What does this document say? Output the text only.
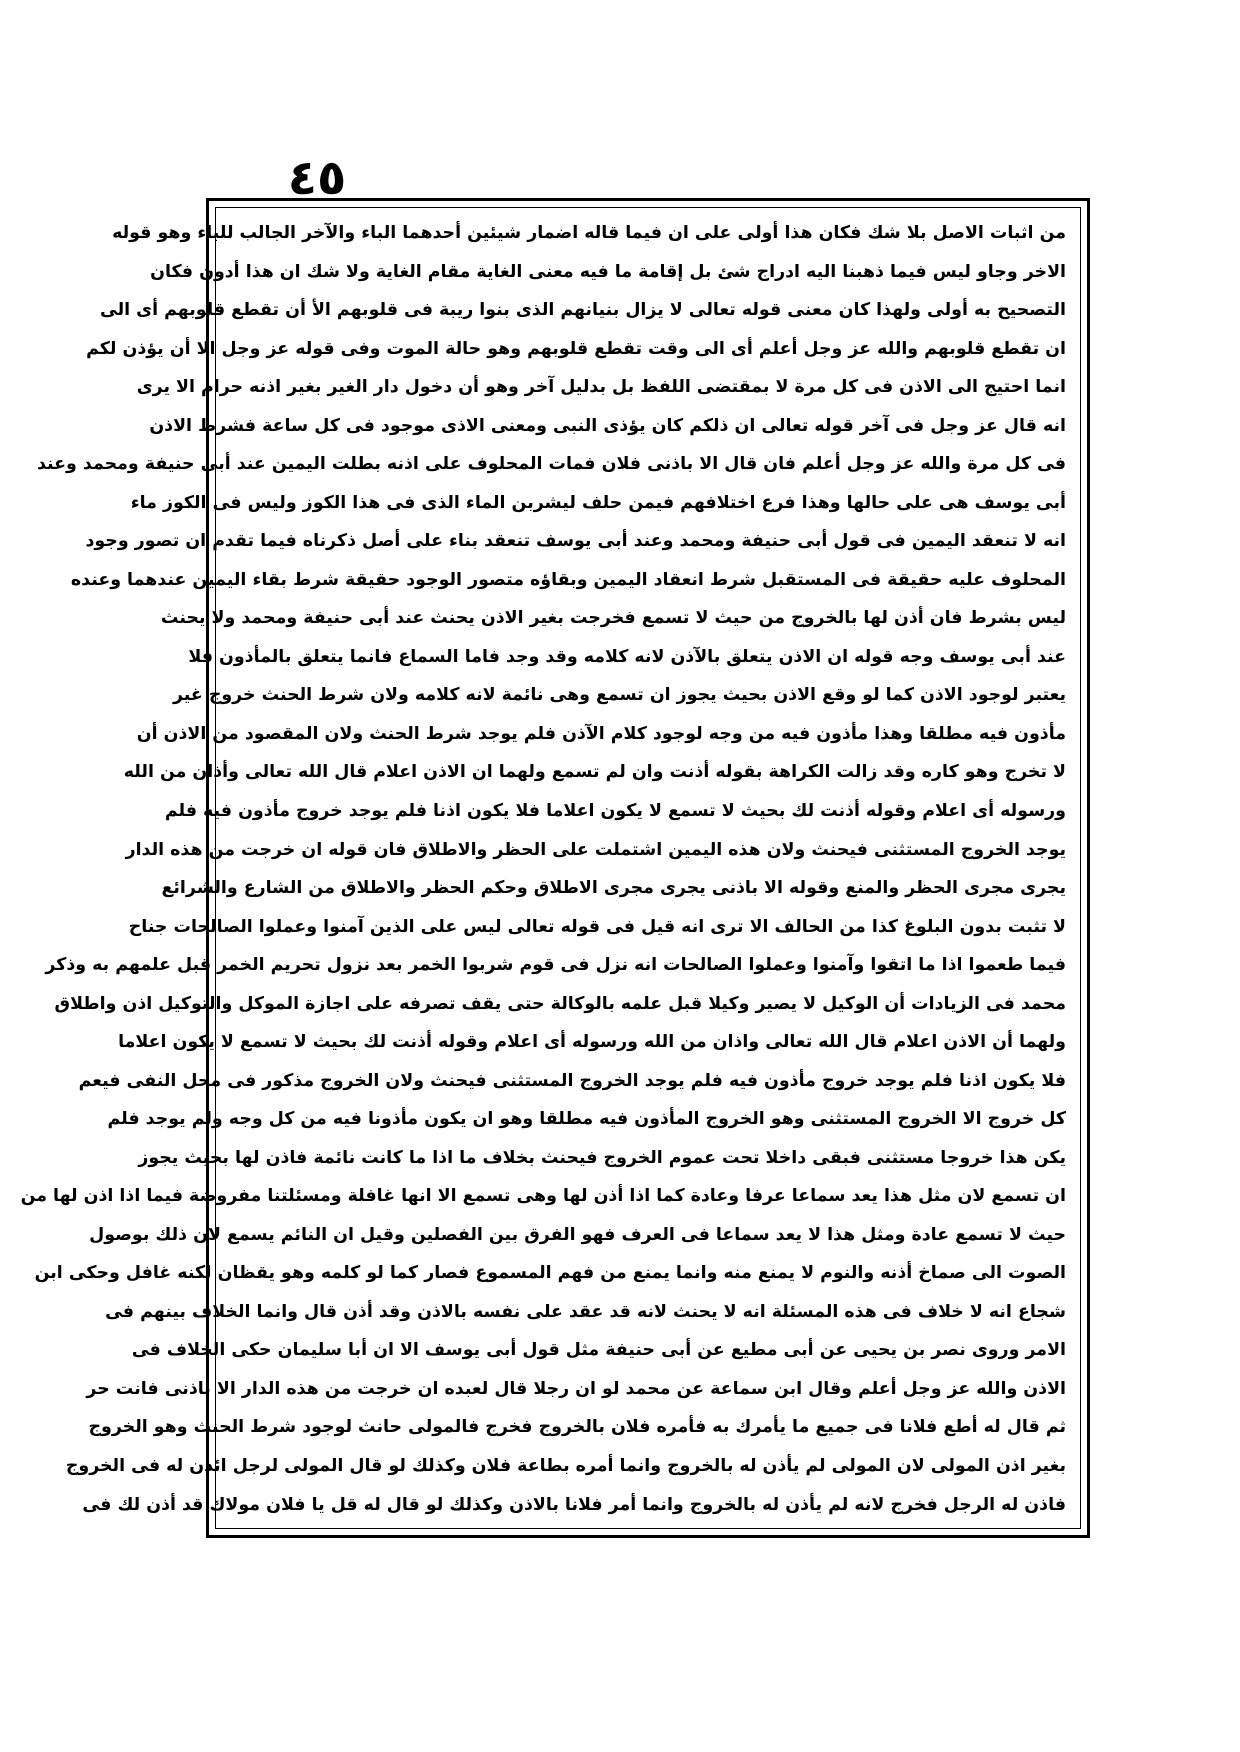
٤٥
من اثبات الاصل بلا شك فكان هذا أولى على ان فيما قاله اضمار شيئين أحدهما الباء والآخر الجالب للباء وهو قوله
الاخر وجاو ليس فيما ذهبنا اليه ادراج شئ بل إقامة ما فيه معنى الغاية مقام الغاية ولا شك ان هذا أدون فكان
التصحيح به أولى ولهذا كان معنى قوله تعالى لا يزال بنيانهم الذى بنوا ريبة فى قلوبهم الأ أن تقطع قلوبهم أى الى
ان تقطع قلوبهم والله عز وجل أعلم أى الى وقت تقطع قلوبهم وهو حالة الموت وفى قوله عز وجل الا أن يؤذن لكم
انما احتيج الى الاذن فى كل مرة لا بمقتضى اللفظ بل بدليل آخر وهو أن دخول دار الغير بغير اذنه حرام الا يرى
انه قال عز وجل فى آخر قوله تعالى ان ذلكم كان يؤذى النبى ومعنى الاذى موجود فى كل ساعة فشرط الاذن
فى كل مرة والله عز وجل أعلم فان قال الا باذنى فلان فمات المحلوف على اذنه بطلت اليمين عند أبى حنيفة ومحمد وعند
أبى يوسف هى على حالها وهذا فرع اختلافهم فيمن حلف ليشربن الماء الذى فى هذا الكوز وليس فى الكوز ماء
انه لا تنعقد اليمين فى قول أبى حنيفة ومحمد وعند أبى يوسف تنعقد بناء على أصل ذكرناه فيما تقدم ان تصور وجود
المحلوف عليه حقيقة فى المستقبل شرط انعقاد اليمين وبقاؤه متصور الوجود حقيقة شرط بقاء اليمين عندهما وعنده
ليس بشرط فان أذن لها بالخروج من حيث لا تسمع فخرجت بغير الاذن يحنث عند أبى حنيفة ومحمد ولا يحنث
عند أبى يوسف وجه قوله ان الاذن يتعلق بالآذن لانه كلامه وقد وجد فاما السماع فانما يتعلق بالمأذون فلا
يعتبر لوجود الاذن كما لو وقع الاذن بحيث يجوز ان تسمع وهى نائمة لانه كلامه ولان شرط الحنث خروج غير
مأذون فيه مطلقا وهذا مأذون فيه من وجه لوجود كلام الآذن فلم يوجد شرط الحنث ولان المقصود من الاذن أن
لا تخرج وهو كاره وقد زالت الكراهة بقوله أذنت وان لم تسمع ولهما ان الاذن اعلام قال الله تعالى وأذان من الله
ورسوله أى اعلام وقوله أذنت لك بحيث لا تسمع لا يكون اعلاما فلا يكون اذنا فلم يوجد خروج مأذون فيه فلم
يوجد الخروج المستثنى فيحنث ولان هذه اليمين اشتملت على الحظر والاطلاق فان قوله ان خرجت من هذه الدار
يجرى مجرى الحظر والمنع وقوله الا باذنى يجرى مجرى الاطلاق وحكم الحظر والاطلاق من الشارع والشرائع
لا تثبت بدون البلوغ كذا من الحالف الا ترى انه قيل فى قوله تعالى ليس على الذين آمنوا وعملوا الصالحات جناح
فيما طعموا اذا ما اتقوا وآمنوا وعملوا الصالحات انه نزل فى قوم شربوا الخمر بعد نزول تحريم الخمر قبل علمهم به وذكر
محمد فى الزيادات أن الوكيل لا يصير وكيلا قبل علمه بالوكالة حتى يقف تصرفه على اجازة الموكل والتوكيل اذن واطلاق
ولهما أن الاذن اعلام قال الله تعالى واذان من الله ورسوله أى اعلام وقوله أذنت لك بحيث لا تسمع لا يكون اعلاما
فلا يكون اذنا فلم يوجد خروج مأذون فيه فلم يوجد الخروج المستثنى فيحنث ولان الخروج مذكور فى محل النفى فيعم
كل خروج الا الخروج المستثنى وهو الخروج المأذون فيه مطلقا وهو ان يكون مأذونا فيه من كل وجه ولم يوجد فلم
يكن هذا خروجا مستثنى فبقى داخلا تحت عموم الخروج فيحنث بخلاف ما اذا ما كانت نائمة فاذن لها بحيث يجوز
ان تسمع لان مثل هذا يعد سماعا عرفا وعادة كما اذا أذن لها وهى تسمع الا انها غافلة ومسئلتنا مفروضة فيما اذا اذن لها من
حيث لا تسمع عادة ومثل هذا لا يعد سماعا فى العرف فهو الفرق بين الفصلين وقيل ان النائم يسمع لان ذلك بوصول
الصوت الى صماخ أذنه والنوم لا يمنع منه وانما يمنع من فهم المسموع فصار كما لو كلمه وهو يقظان لكنه غافل وحكى ابن
شجاع انه لا خلاف فى هذه المسئلة انه لا يحنث لانه قد عقد على نفسه بالاذن وقد أذن قال وانما الخلاف بينهم فى
الامر وروى نصر بن يحيى عن أبى مطيع عن أبى حنيفة مثل قول أبى يوسف الا ان أبا سليمان حكى الخلاف فى
الاذن والله عز وجل أعلم وقال ابن سماعة عن محمد لو ان رجلا قال لعبده ان خرجت من هذه الدار الا باذنى فانت حر
ثم قال له أطع فلانا فى جميع ما يأمرك به فأمره فلان بالخروج فخرج فالمولى حانث لوجود شرط الحنث وهو الخروج
بغير اذن المولى لان المولى لم يأذن له بالخروج وانما أمره بطاعة فلان وكذلك لو قال المولى لرجل ائذن له فى الخروج
فاذن له الرجل فخرج لانه لم يأذن له بالخروج وانما أمر فلانا بالاذن وكذلك لو قال له قل يا فلان مولاك قد أذن لك فى
